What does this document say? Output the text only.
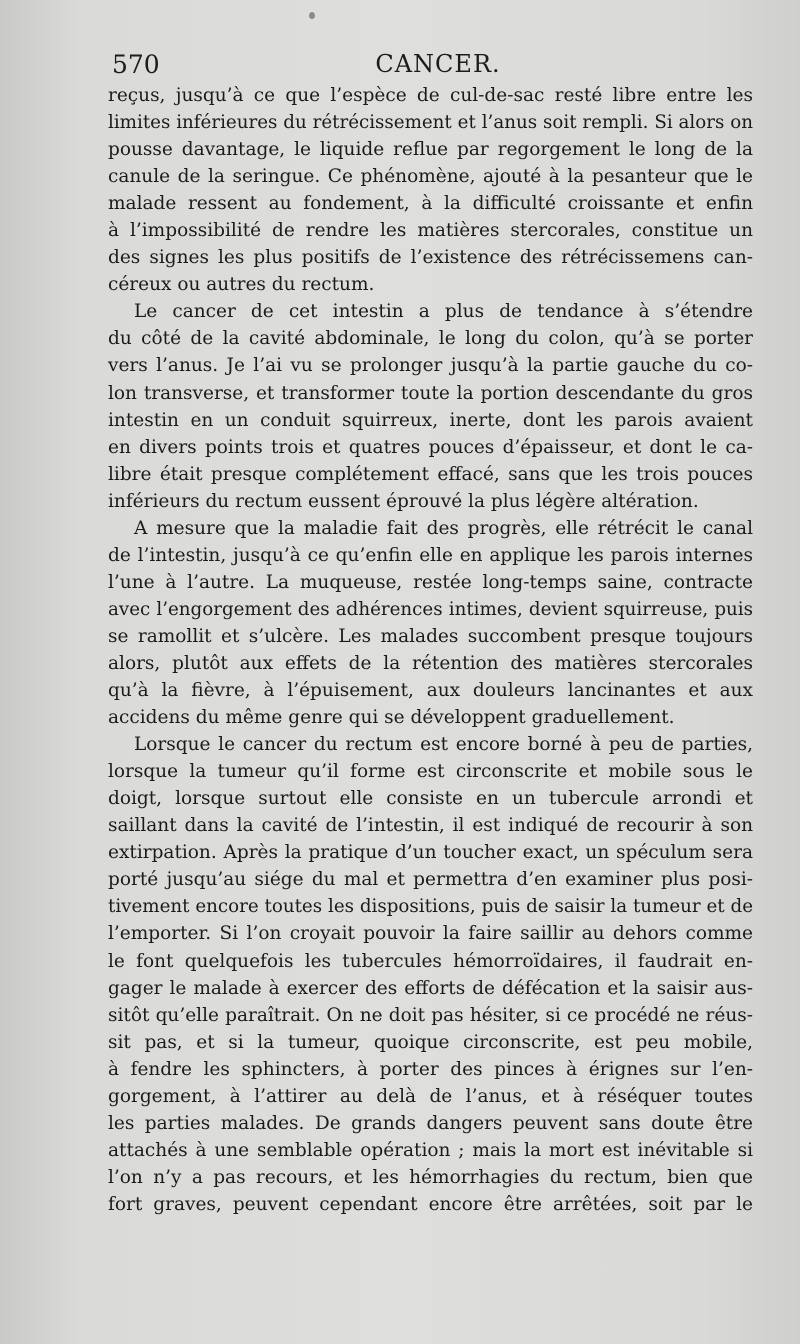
570	CANCER.
reçus, jusqu’à ce que l’espèce de cul-de-sac resté libre entre les
limites inférieures du rétrécissement et l’anus soit rempli. Si alors on
pousse davantage, le liquide reflue par regorgement le long de la
canule de la seringue. Ce phénomène, ajouté à la pesanteur que le
malade ressent au fondement, à la difficulté croissante et enfin
à l’impossibilité de rendre les matières stercorales, constitue un
des signes les plus positifs de l’existence des rétrécissemens can-
céreux ou autres du rectum.
Le cancer de cet intestin a plus de tendance à s’étendre
du côté de la cavité abdominale, le long du colon, qu’à se porter
vers l’anus. Je l’ai vu se prolonger jusqu’à la partie gauche du co-
lon transverse, et transformer toute la portion descendante du gros
intestin en un conduit squirreux, inerte, dont les parois avaient
en divers points trois et quatres pouces d’épaisseur, et dont le ca-
libre était presque complétement effacé, sans que les trois pouces
inférieurs du rectum eussent éprouvé la plus légère altération.
A mesure que la maladie fait des progrès, elle rétrécit le canal
de l’intestin, jusqu’à ce qu’enfin elle en applique les parois internes
l’une à l’autre. La muqueuse, restée long-temps saine, contracte
avec l’engorgement des adhérences intimes, devient squirreuse, puis
se ramollit et s’ulcère. Les malades succombent presque toujours
alors, plutôt aux effets de la rétention des matières stercorales
qu’à la fièvre, à l’épuisement, aux douleurs lancinantes et aux
accidens du même genre qui se développent graduellement.
Lorsque le cancer du rectum est encore borné à peu de parties,
lorsque la tumeur qu’il forme est circonscrite et mobile sous le
doigt, lorsque surtout elle consiste en un tubercule arrondi et
saillant dans la cavité de l’intestin, il est indiqué de recourir à son
extirpation. Après la pratique d’un toucher exact, un spéculum sera
porté jusqu’au siége du mal et permettra d’en examiner plus posi-
tivement encore toutes les dispositions, puis de saisir la tumeur et de
l’emporter. Si l’on croyait pouvoir la faire saillir au dehors comme
le font quelquefois les tubercules hémorroïdaires, il faudrait en-
gager le malade à exercer des efforts de défécation et la saisir aus-
sitôt qu’elle paraîtrait. On ne doit pas hésiter, si ce procédé ne réus-
sit pas, et si la tumeur, quoique circonscrite, est peu mobile,
à fendre les sphincters, à porter des pinces à érignes sur l’en-
gorgement, à l’attirer au delà de l’anus, et à réséquer toutes
les parties malades. De grands dangers peuvent sans doute être
attachés à une semblable opération ; mais la mort est inévitable si
l’on n’y a pas recours, et les hémorrhagies du rectum, bien que
fort graves, peuvent cependant encore être arrêtées, soit par le
